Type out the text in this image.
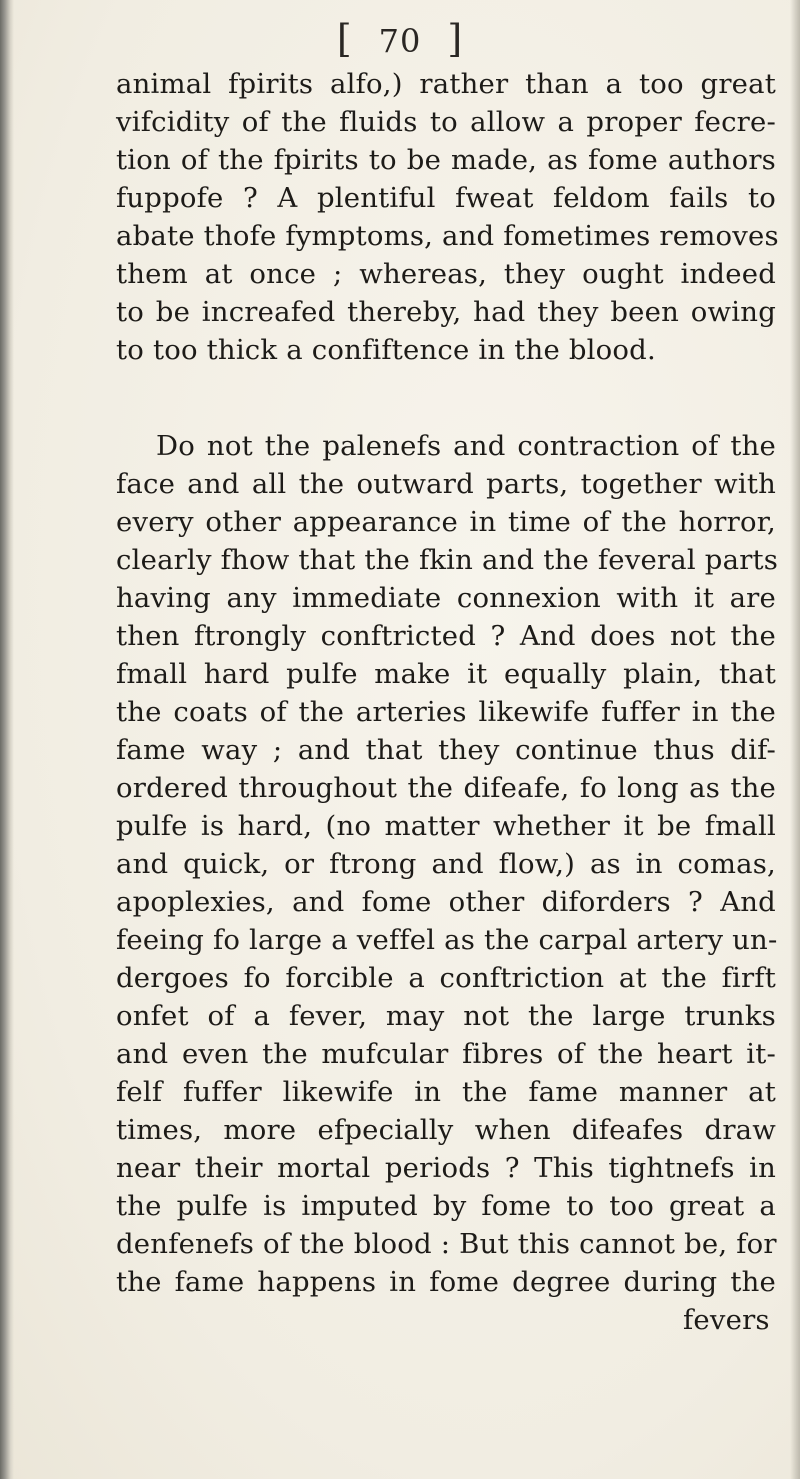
[ 70 ]
animal fpirits alfo,) rather than a too great
vifcidity of the fluids to allow a proper fecre-
tion of the fpirits to be made, as fome authors
fuppofe ? A plentiful fweat feldom fails to
abate thofe fymptoms, and fometimes removes
them at once ; whereas, they ought indeed
to be increafed thereby, had they been owing
to too thick a confiftence in the blood.
Do not the palenefs and contraction of the
face and all the outward parts, together with
every other appearance in time of the horror,
clearly fhow that the fkin and the feveral parts
having any immediate connexion with it are
then ftrongly conftricted ? And does not the
fmall hard pulfe make it equally plain, that
the coats of the arteries likewife fuffer in the
fame way ; and that they continue thus dif-
ordered throughout the difeafe, fo long as the
pulfe is hard, (no matter whether it be fmall
and quick, or ftrong and flow,) as in comas,
apoplexies, and fome other diforders ? And
feeing fo large a veffel as the carpal artery un-
dergoes fo forcible a conftriction at the firft
onfet of a fever, may not the large trunks
and even the mufcular fibres of the heart it-
felf fuffer likewife in the fame manner at
times, more efpecially when difeafes draw
near their mortal periods ? This tightnefs in
the pulfe is imputed by fome to too great a
denfenefs of the blood : But this cannot be, for
the fame happens in fome degree during the
fevers
